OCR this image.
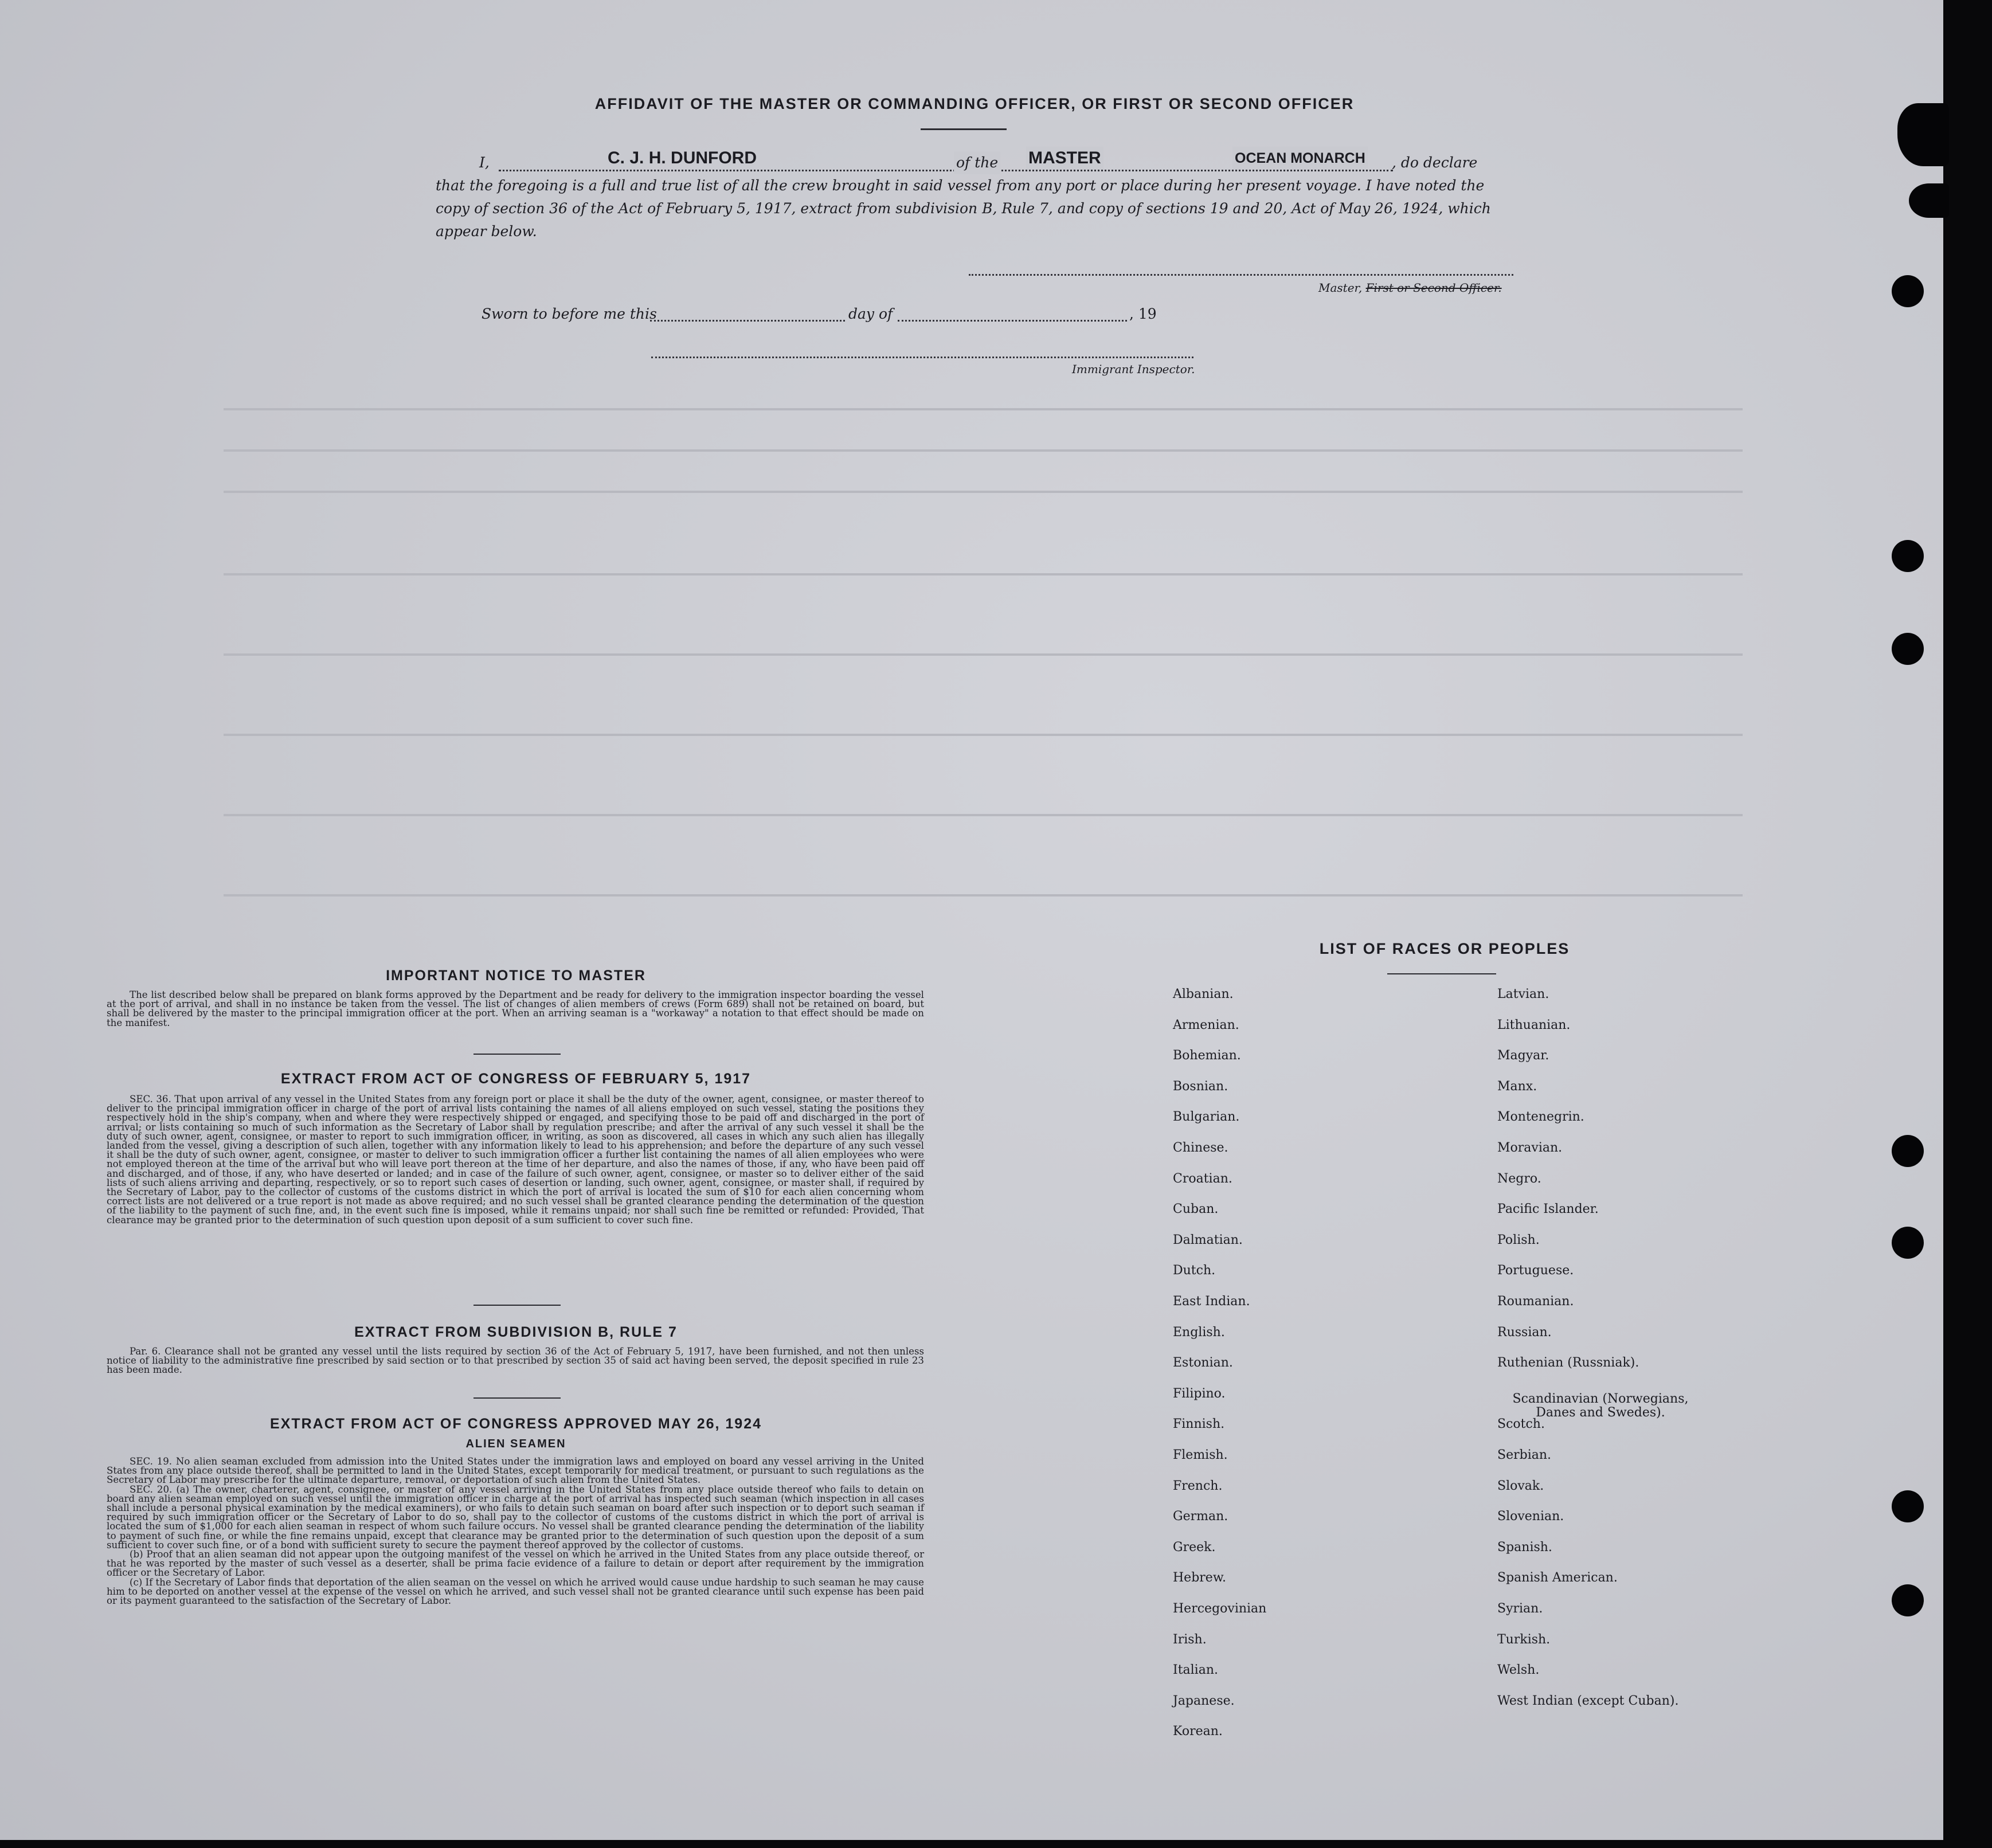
AFFIDAVIT OF THE MASTER OR COMMANDING OFFICER, OR FIRST OR SECOND OFFICER
I,	C. J. H. DUNFORD	of the MASTER	OCEAN MONARCH , do declare
that the foregoing is a full and true list of all the crew brought in said vessel from any port or place during her present voyage. I have noted the
copy of section 36 of the Act of February 5, 1917, extract from subdivision B, Rule 7, and copy of sections 19 and 20, Act of May 26, 1924, which
appear below.
Master, First or Second Officer.
Sworn to before me this	day of	, 19
Immigrant Inspector.
IMPORTANT NOTICE TO MASTER
The list described below shall be prepared on blank forms approved by the Department and be ready for delivery to the immigration inspector boarding the vessel at the port of arrival, and shall in no instance be taken from the vessel. The list of changes of alien members of crews (Form 689) shall not be retained on board, but shall be delivered by the master to the principal immigration officer at the port. When an arriving seaman is a "workaway" a notation to that effect should be made on the manifest.
EXTRACT FROM ACT OF CONGRESS OF FEBRUARY 5, 1917
SEC. 36. That upon arrival of any vessel in the United States from any foreign port or place it shall be the duty of the owner, agent, consignee, or master thereof to deliver to the principal immigration officer in charge of the port of arrival lists containing the names of all aliens employed on such vessel, stating the positions they respectively hold in the ship's company, when and where they were respectively shipped or engaged, and specifying those to be paid off and discharged in the port of arrival; or lists containing so much of such information as the Secretary of Labor shall by regulation prescribe; and after the arrival of any such vessel it shall be the duty of such owner, agent, consignee, or master to report to such immigration officer, in writing, as soon as discovered, all cases in which any such alien has illegally landed from the vessel, giving a description of such alien, together with any information likely to lead to his apprehension; and before the departure of any such vessel it shall be the duty of such owner, agent, consignee, or master to deliver to such immigration officer a further list containing the names of all alien employees who were not employed thereon at the time of the arrival but who will leave port thereon at the time of her departure, and also the names of those, if any, who have been paid off and discharged, and of those, if any, who have deserted or landed; and in case of the failure of such owner, agent, consignee, or master so to deliver either of the said lists of such aliens arriving and departing, respectively, or so to report such cases of desertion or landing, such owner, agent, consignee, or master shall, if required by the Secretary of Labor, pay to the collector of customs of the customs district in which the port of arrival is located the sum of $10 for each alien concerning whom correct lists are not delivered or a true report is not made as above required; and no such vessel shall be granted clearance pending the determination of the question of the liability to the payment of such fine, and, in the event such fine is imposed, while it remains unpaid; nor shall such fine be remitted or refunded: Provided, That clearance may be granted prior to the determination of such question upon deposit of a sum sufficient to cover such fine.
EXTRACT FROM SUBDIVISION B, RULE 7
Par. 6. Clearance shall not be granted any vessel until the lists required by section 36 of the Act of February 5, 1917, have been furnished, and not then unless notice of liability to the administrative fine prescribed by said section or to that prescribed by section 35 of said act having been served, the deposit specified in rule 23 has been made.
EXTRACT FROM ACT OF CONGRESS APPROVED MAY 26, 1924
ALIEN SEAMEN
SEC. 19. No alien seaman excluded from admission into the United States under the immigration laws and employed on board any vessel arriving in the United States from any place outside thereof, shall be permitted to land in the United States, except temporarily for medical treatment, or pursuant to such regulations as the Secretary of Labor may prescribe for the ultimate departure, removal, or deportation of such alien from the United States.
SEC. 20. (a) The owner, charterer, agent, consignee, or master of any vessel arriving in the United States from any place outside thereof who fails to detain on board any alien seaman employed on such vessel until the immigration officer in charge at the port of arrival has inspected such seaman (which inspection in all cases shall include a personal physical examination by the medical examiners), or who fails to detain such seaman on board after such inspection or to deport such seaman if required by such immigration officer or the Secretary of Labor to do so, shall pay to the collector of customs of the customs district in which the port of arrival is located the sum of $1,000 for each alien seaman in respect of whom such failure occurs. No vessel shall be granted clearance pending the determination of the liability to payment of such fine, or while the fine remains unpaid, except that clearance may be granted prior to the determination of such question upon the deposit of a sum sufficient to cover such fine, or of a bond with sufficient surety to secure the payment thereof approved by the collector of customs.
(b) Proof that an alien seaman did not appear upon the outgoing manifest of the vessel on which he arrived in the United States from any place outside thereof, or that he was reported by the master of such vessel as a deserter, shall be prima facie evidence of a failure to detain or deport after requirement by the immigration officer or the Secretary of Labor.
(c) If the Secretary of Labor finds that deportation of the alien seaman on the vessel on which he arrived would cause undue hardship to such seaman he may cause him to be deported on another vessel at the expense of the vessel on which he arrived, and such vessel shall not be granted clearance until such expense has been paid or its payment guaranteed to the satisfaction of the Secretary of Labor.
LIST OF RACES OR PEOPLES
Albanian.
Armenian.
Bohemian.
Bosnian.
Bulgarian.
Chinese.
Croatian.
Cuban.
Dalmatian.
Dutch.
East Indian.
English.
Estonian.
Filipino.
Finnish.
Flemish.
French.
German.
Greek.
Hebrew.
Hercegovinian
Irish.
Italian.
Japanese.
Korean.
Latvian.
Lithuanian.
Magyar.
Manx.
Montenegrin.
Moravian.
Negro.
Pacific Islander.
Polish.
Portuguese.
Roumanian.
Russian.
Ruthenian (Russniak).
Scandinavian (Norwegians, Danes and Swedes).
Scotch.
Serbian.
Slovak.
Slovenian.
Spanish.
Spanish American.
Syrian.
Turkish.
Welsh.
West Indian (except Cuban).
